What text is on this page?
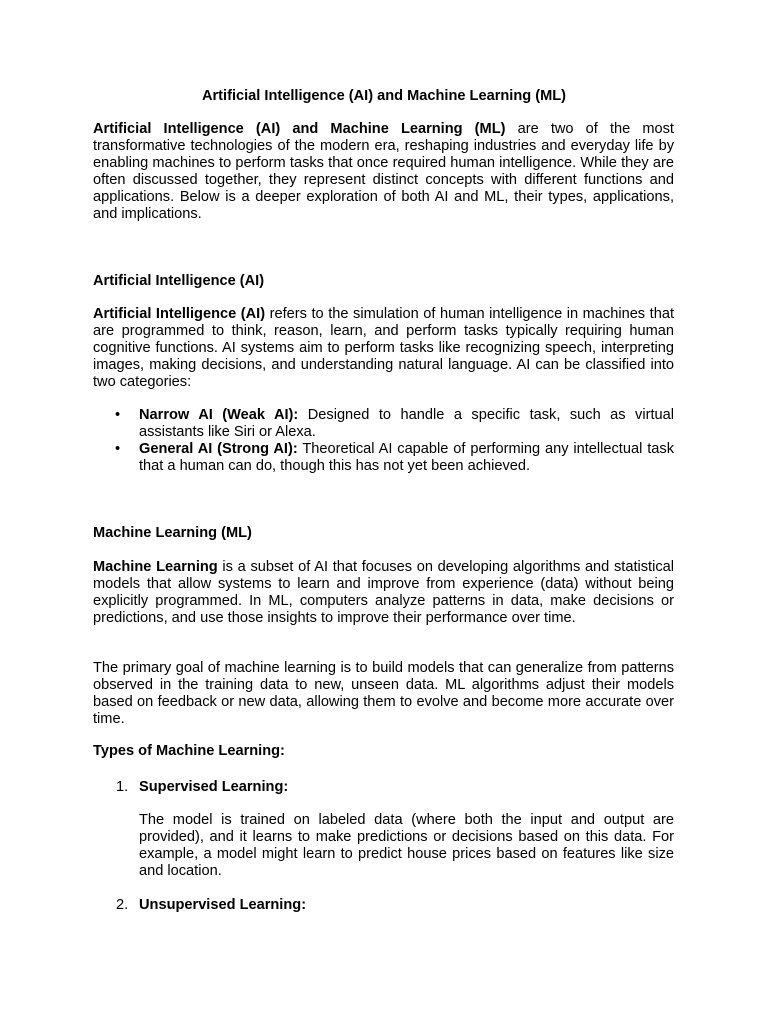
Artificial Intelligence (AI) and Machine Learning (ML)

Artificial Intelligence (AI) and Machine Learning (ML) are two of the most transformative technologies of the modern era, reshaping industries and everyday life by enabling machines to perform tasks that once required human intelligence. While they are often discussed together, they represent distinct concepts with different functions and applications. Below is a deeper exploration of both AI and ML, their types, applications, and implications.

Artificial Intelligence (AI)

Artificial Intelligence (AI) refers to the simulation of human intelligence in machines that are programmed to think, reason, learn, and perform tasks typically requiring human cognitive functions. AI systems aim to perform tasks like recognizing speech, interpreting images, making decisions, and understanding natural language. AI can be classified into two categories:

• Narrow AI (Weak AI): Designed to handle a specific task, such as virtual assistants like Siri or Alexa.

• General AI (Strong AI): Theoretical AI capable of performing any intellectual task that a human can do, though this has not yet been achieved.

Machine Learning (ML)

Machine Learning is a subset of AI that focuses on developing algorithms and statistical models that allow systems to learn and improve from experience (data) without being explicitly programmed. In ML, computers analyze patterns in data, make decisions or predictions, and use those insights to improve their performance over time.

The primary goal of machine learning is to build models that can generalize from patterns observed in the training data to new, unseen data. ML algorithms adjust their models based on feedback or new data, allowing them to evolve and become more accurate over time.

Types of Machine Learning:

1. Supervised Learning:

The model is trained on labeled data (where both the input and output are provided), and it learns to make predictions or decisions based on this data. For example, a model might learn to predict house prices based on features like size and location.

2. Unsupervised Learning:
